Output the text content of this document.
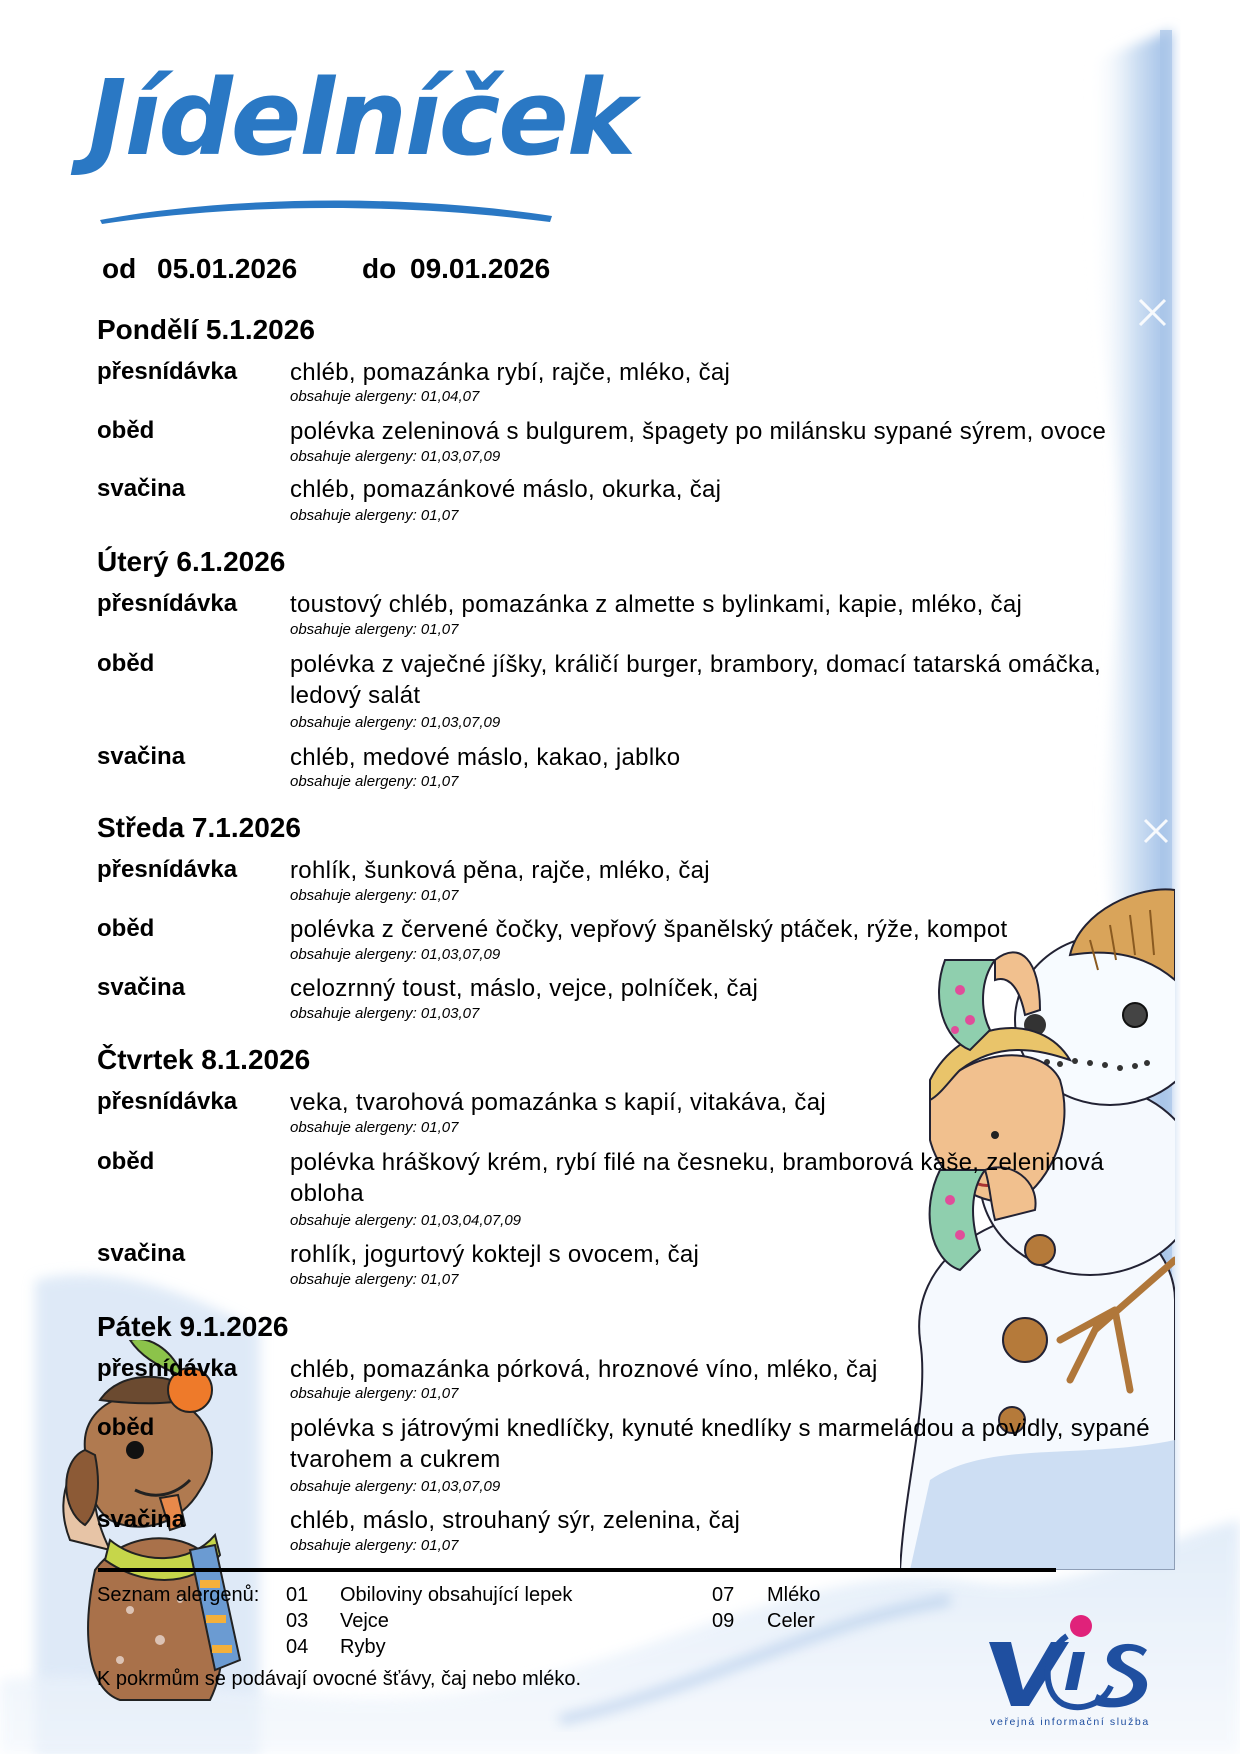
Jídelníček
od 05.01.2026 do 09.01.2026
Pondělí 5.1.2026
přesnídávka chléb, pomazánka rybí, rajče, mléko, čaj
obsahuje alergeny: 01,04,07
oběd	polévka zeleninová s bulgurem, špagety po milánsku sypané sýrem, ovoce
obsahuje alergeny: 01,03,07,09
svačina	chléb, pomazánkové máslo, okurka, čaj
obsahuje alergeny: 01,07
Úterý 6.1.2026
přesnídávka toustový chléb, pomazánka z almette s bylinkami, kapie, mléko, čaj
obsahuje alergeny: 01,07
oběd	polévka z vaječné jíšky, králičí burger, brambory, domací tatarská omáčka,
ledový salát
obsahuje alergeny: 01,03,07,09
svačina	chléb, medové máslo, kakao, jablko
obsahuje alergeny: 01,07
Středa 7.1.2026
přesnídávka rohlík, šunková pěna, rajče, mléko, čaj
obsahuje alergeny: 01,07
oběd	polévka z červené čočky, vepřový španělský ptáček, rýže, kompot
obsahuje alergeny: 01,03,07,09
svačina	celozrnný toust, máslo, vejce, polníček, čaj
obsahuje alergeny: 01,03,07
Čtvrtek 8.1.2026
přesnídávka veka, tvarohová pomazánka s kapií, vitakáva, čaj
obsahuje alergeny: 01,07
oběd	polévka hráškový krém, rybí filé na česneku, bramborová kaše, zeleninová
obloha
obsahuje alergeny: 01,03,04,07,09
svačina	rohlík, jogurtový koktejl s ovocem, čaj
obsahuje alergeny: 01,07
Pátek 9.1.2026
přesnídávka chléb, pomazánka pórková, hroznové víno, mléko, čaj
obsahuje alergeny: 01,07
oběd	polévka s játrovými knedlíčky, kynuté knedlíky s marmeládou a povidly, sypané
tvarohem a cukrem
obsahuje alergeny: 01,03,07,09
svačina	chléb, máslo, strouhaný sýr, zelenina, čaj
obsahuje alergeny: 01,07
Seznam alergenů: 01 Obiloviny obsahující lepek
03 Vejce
04 Ryby
07 Mléko
09 Celer
K pokrmům se podávají ovocné šťávy, čaj nebo mléko.
veřejná informační služba
